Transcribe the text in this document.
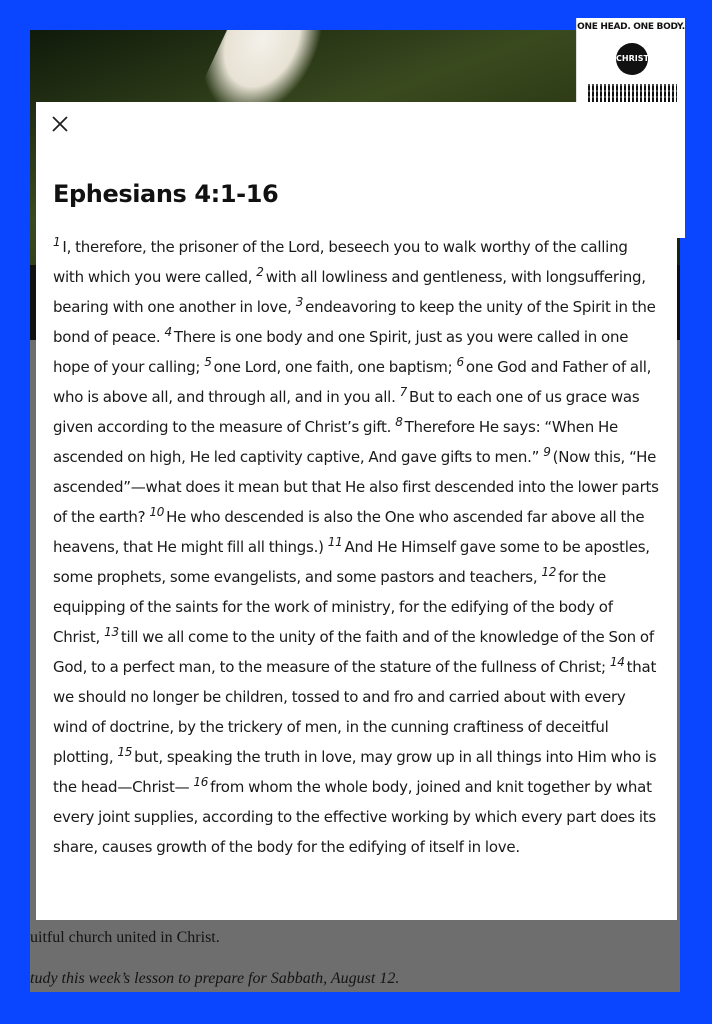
uitful church united in Christ.
tudy this week’s lesson to prepare for Sabbath, August 12.
ONE HEAD. ONE BODY.
CHRIST
Ephesians 4:1-16
$^1$ I, therefore, the prisoner of the Lord, beseech you to walk worthy of the calling with which you were called, $^2$ with all lowliness and gentleness, with longsuffering, bearing with one another in love, $^3$ endeavoring to keep the unity of the Spirit in the bond of peace. $^4$ There is one body and one Spirit, just as you were called in one hope of your calling; $^5$ one Lord, one faith, one baptism; $^6$ one God and Father of all, who is above all, and through all, and in you all. $^7$ But to each one of us grace was given according to the measure of Christ’s gift. $^8$ Therefore He says: “When He ascended on high, He led captivity captive, And gave gifts to men.” $^9$ (Now this, “He ascended”—what does it mean but that He also first descended into the lower parts of the earth? $^{10}$ He who descended is also the One who ascended far above all the heavens, that He might fill all things.) $^{11}$ And He Himself gave some to be apostles, some prophets, some evangelists, and some pastors and teachers, $^{12}$ for the equipping of the saints for the work of ministry, for the edifying of the body of Christ, $^{13}$ till we all come to the unity of the faith and of the knowledge of the Son of God, to a perfect man, to the measure of the stature of the fullness of Christ; $^{14}$ that we should no longer be children, tossed to and fro and carried about with every wind of doctrine, by the trickery of men, in the cunning craftiness of deceitful plotting, $^{15}$ but, speaking the truth in love, may grow up in all things into Him who is the head—Christ— $^{16}$ from whom the whole body, joined and knit together by what every joint supplies, according to the effective working by which every part does its share, causes growth of the body for the edifying of itself in love.
